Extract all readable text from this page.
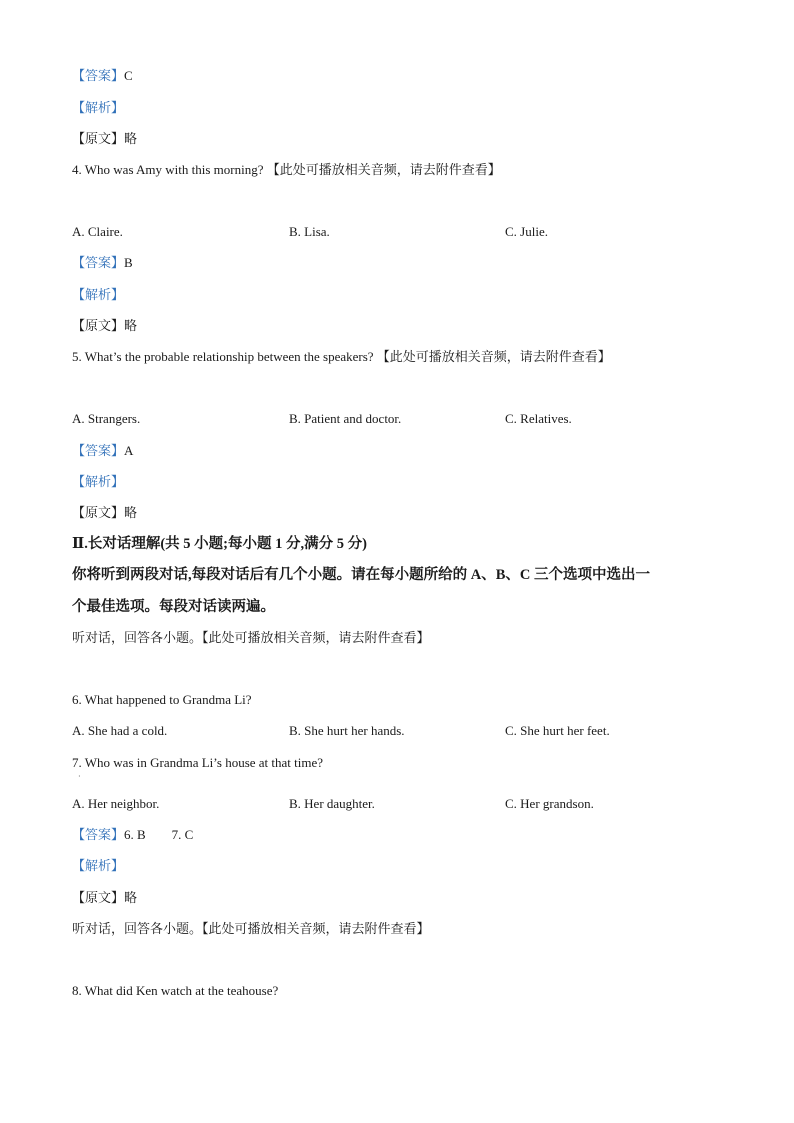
【答案】C
【解析】
【原文】略
4. Who was Amy with this morning? 【此处可播放相关音频，请去附件查看】
A. Claire.	B. Lisa.	C. Julie.
【答案】B
【解析】
【原文】略
5. What’s the probable relationship between the speakers? 【此处可播放相关音频，请去附件查看】
A. Strangers.	B. Patient and doctor.	C. Relatives.
【答案】A
【解析】
【原文】略
Ⅱ.长对话理解(共 5 小题;每小题 1 分,满分 5 分)
你将听到两段对话,每段对话后有几个小题。请在每小题所给的 A、B、C 三个选项中选出一
个最佳选项。每段对话读两遍。
听对话，回答各小题。【此处可播放相关音频，请去附件查看】
6. What happened to Grandma Li?
A. She had a cold.	B. She hurt her hands.	C. She hurt her feet.
7. Who was in Grandma Li’s house at that time?
·
A. Her neighbor.	B. Her daughter.	C. Her grandson.
【答案】6. B        7. C
【解析】
【原文】略
听对话，回答各小题。【此处可播放相关音频，请去附件查看】
8. What did Ken watch at the teahouse?
